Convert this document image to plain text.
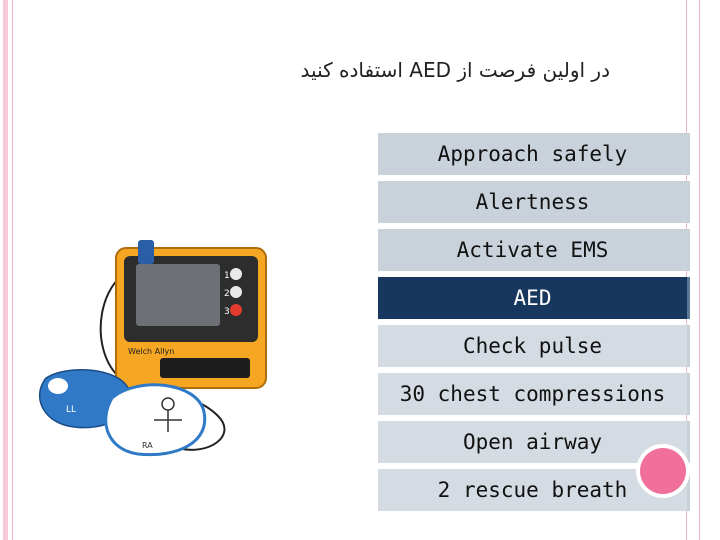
در اولین فرصت از AED استفاده کنید
1
2
3
Welch Allyn
LL
RA
Approach safely
Alertness
Activate EMS
AED
Check pulse
30 chest compressions
Open airway
2 rescue breath
